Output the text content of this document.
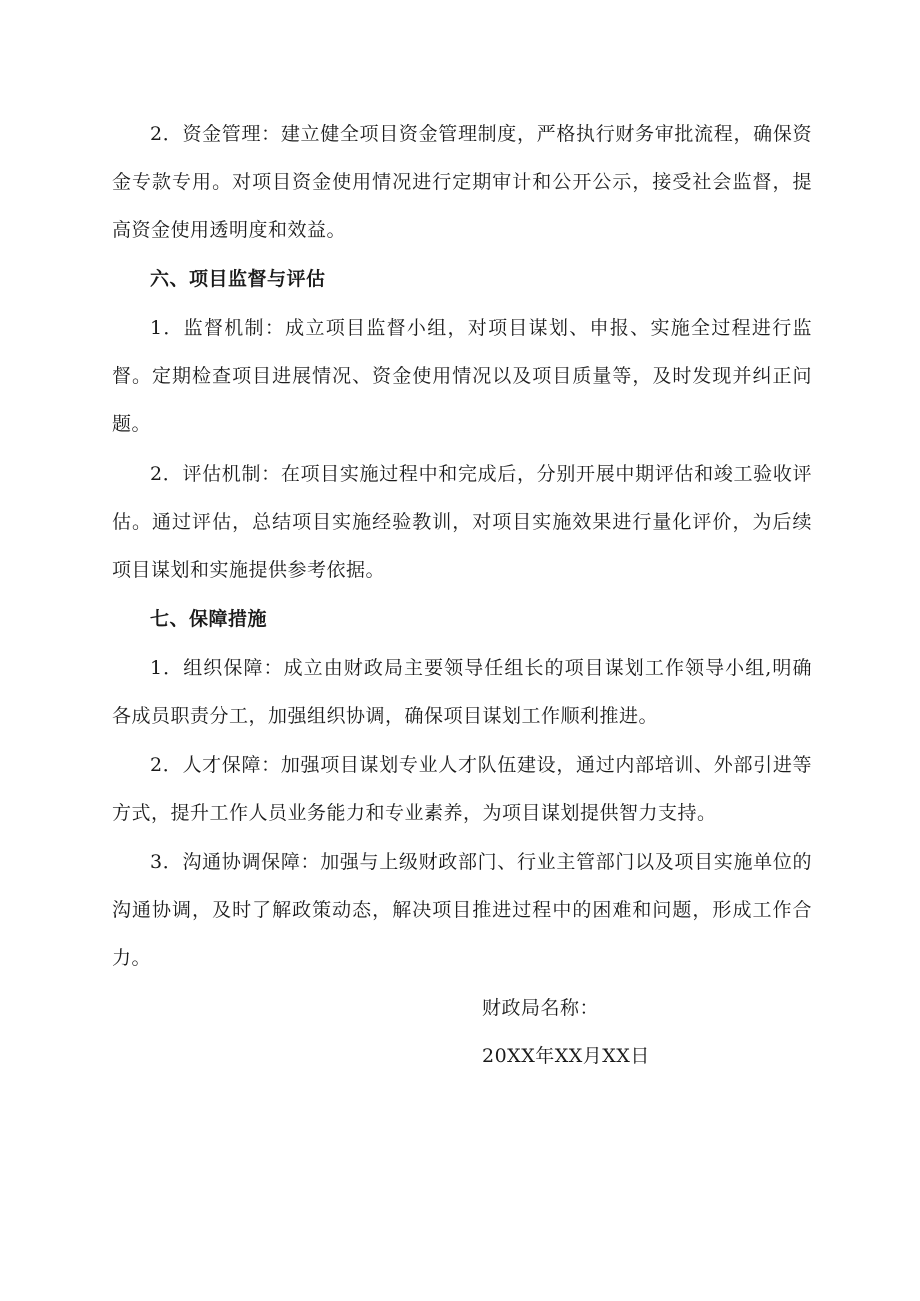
2．资金管理：建立健全项目资金管理制度，严格执行财务审批流程，确保资金专款专用。对项目资金使用情况进行定期审计和公开公示，接受社会监督，提高资金使用透明度和效益。

六、项目监督与评估

1．监督机制：成立项目监督小组，对项目谋划、申报、实施全过程进行监督。定期检查项目进展情况、资金使用情况以及项目质量等，及时发现并纠正问题。

2．评估机制：在项目实施过程中和完成后，分别开展中期评估和竣工验收评估。通过评估，总结项目实施经验教训，对项目实施效果进行量化评价，为后续项目谋划和实施提供参考依据。

七、保障措施

1．组织保障：成立由财政局主要领导任组长的项目谋划工作领导小组,明确各成员职责分工，加强组织协调，确保项目谋划工作顺利推进。

2．人才保障：加强项目谋划专业人才队伍建设，通过内部培训、外部引进等方式，提升工作人员业务能力和专业素养，为项目谋划提供智力支持。

3．沟通协调保障：加强与上级财政部门、行业主管部门以及项目实施单位的沟通协调，及时了解政策动态，解决项目推进过程中的困难和问题，形成工作合力。

财政局名称：

20XX年XX月XX日
